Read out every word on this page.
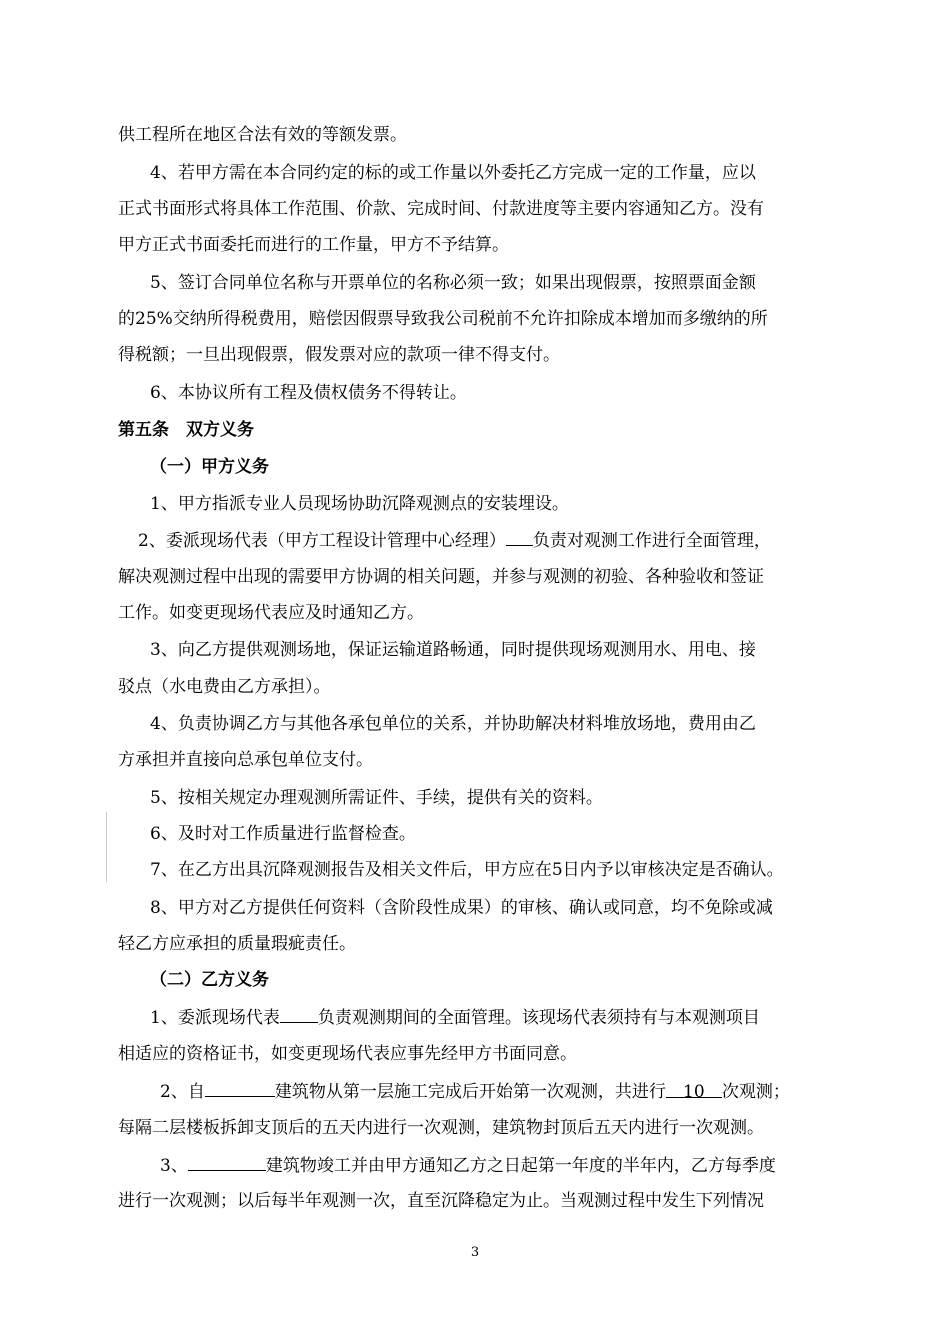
供工程所在地区合法有效的等额发票。
4、若甲方需在本合同约定的标的或工作量以外委托乙方完成一定的工作量，应以
正式书面形式将具体工作范围、价款、完成时间、付款进度等主要内容通知乙方。没有
甲方正式书面委托而进行的工作量，甲方不予结算。
5、签订合同单位名称与开票单位的名称必须一致；如果出现假票，按照票面金额
的25%交纳所得税费用，赔偿因假票导致我公司税前不允许扣除成本增加而多缴纳的所
得税额；一旦出现假票，假发票对应的款项一律不得支付。
6、本协议所有工程及债权债务不得转让。
第五条　双方义务
（一）甲方义务
1、甲方指派专业人员现场协助沉降观测点的安装埋设。
2、委派现场代表（甲方工程设计管理中心经理） 负责对观测工作进行全面管理，
解决观测过程中出现的需要甲方协调的相关问题，并参与观测的初验、各种验收和签证
工作。如变更现场代表应及时通知乙方。
3、向乙方提供观测场地，保证运输道路畅通，同时提供现场观测用水、用电、接
驳点（水电费由乙方承担）。
4、负责协调乙方与其他各承包单位的关系，并协助解决材料堆放场地，费用由乙
方承担并直接向总承包单位支付。
5、按相关规定办理观测所需证件、手续，提供有关的资料。
6、及时对工作质量进行监督检查。
7、在乙方出具沉降观测报告及相关文件后，甲方应在5日内予以审核决定是否确认。
8、甲方对乙方提供任何资料（含阶段性成果）的审核、确认或同意，均不免除或减
轻乙方应承担的质量瑕疵责任。
（二）乙方义务
1、委派现场代表 负责观测期间的全面管理。该现场代表须持有与本观测项目
相适应的资格证书，如变更现场代表应事先经甲方书面同意。
2、自	建筑物从第一层施工完成后开始第一次观测，共进行 10 次观测；
每隔二层楼板拆卸支顶后的五天内进行一次观测，建筑物封顶后五天内进行一次观测。
3、	建筑物竣工并由甲方通知乙方之日起第一年度的半年内，乙方每季度
进行一次观测；以后每半年观测一次，直至沉降稳定为止。当观测过程中发生下列情况
3
